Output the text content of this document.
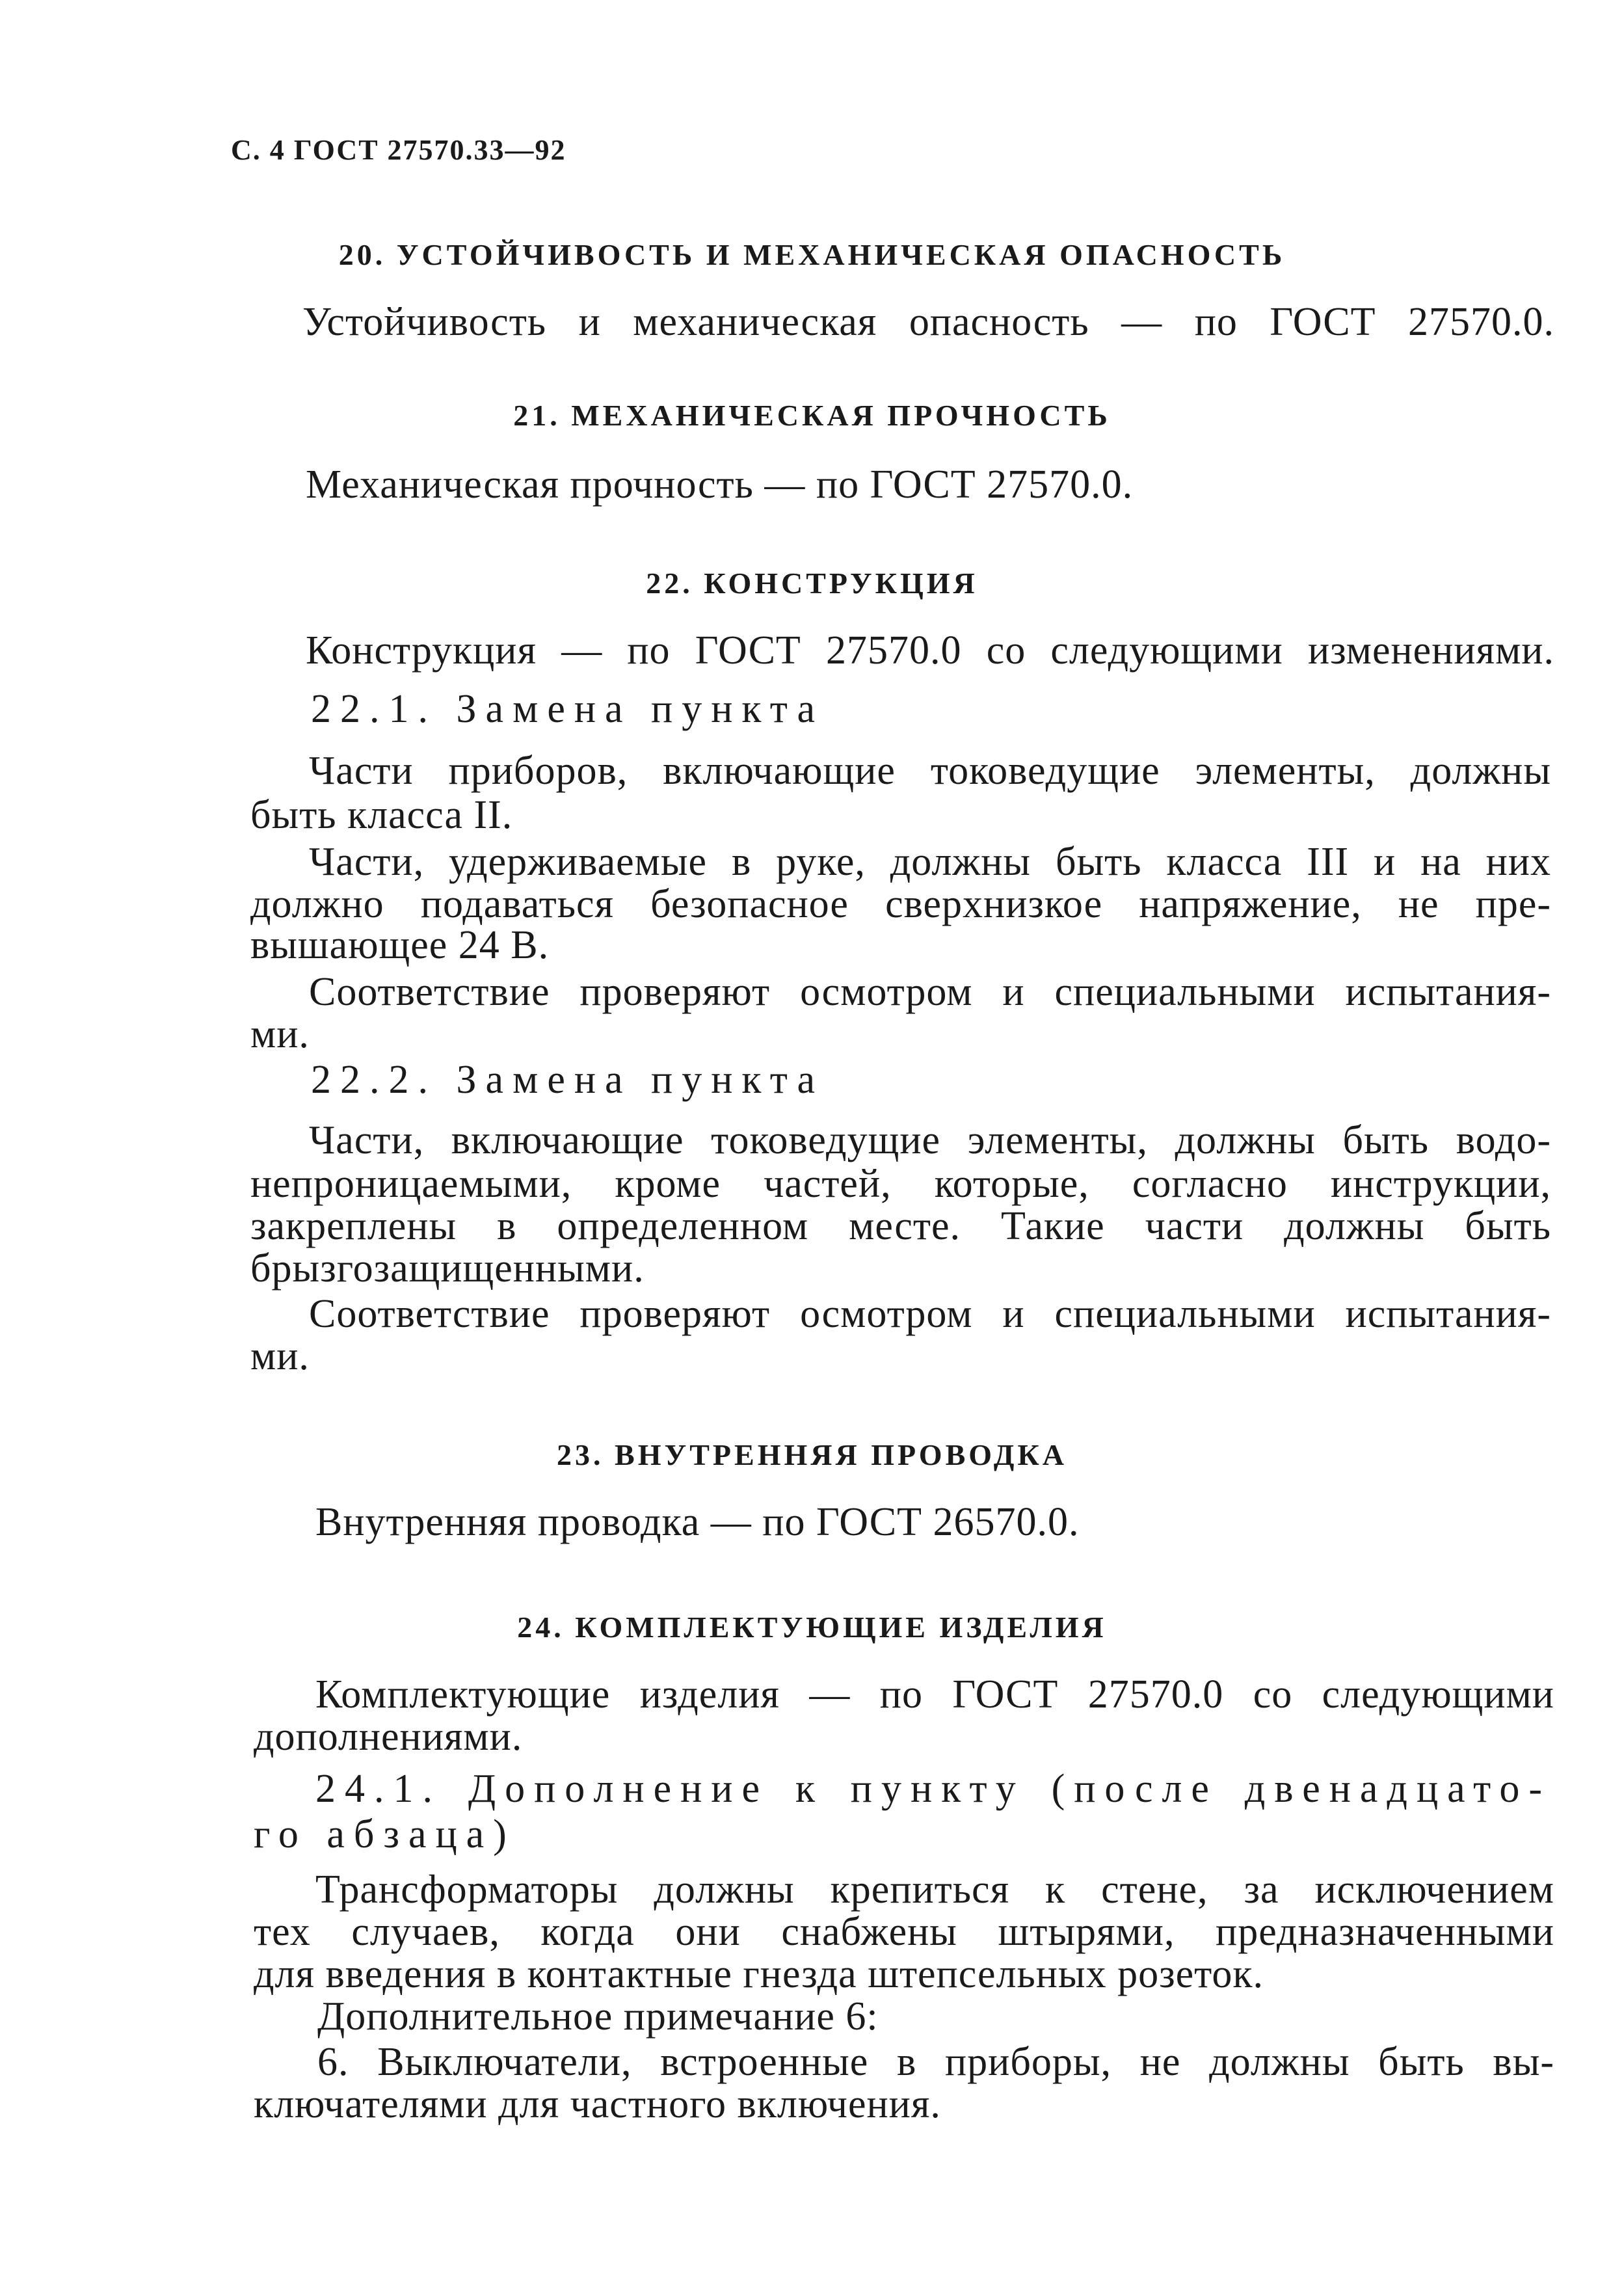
С. 4 ГОСТ 27570.33—92
20. УСТОЙЧИВОСТЬ И МЕХАНИЧЕСКАЯ ОПАСНОСТЬ
Устойчивость и механическая опасность — по ГОСТ 27570.0.
21. МЕХАНИЧЕСКАЯ ПРОЧНОСТЬ
Механическая прочность — по ГОСТ 27570.0.
22. КОНСТРУКЦИЯ
Конструкция — по ГОСТ 27570.0 со следующими изменениями.
22.1. Замена пункта
Части приборов, включающие токоведущие элементы, должны
быть класса II.
Части, удерживаемые в руке, должны быть класса III и на них
должно подаваться безопасное сверхнизкое напряжение, не пре-
вышающее 24 В.
Соответствие проверяют осмотром и специальными испытания-
ми.
22.2. Замена пункта
Части, включающие токоведущие элементы, должны быть водо-
непроницаемыми, кроме частей, которые, согласно инструкции,
закреплены в определенном месте. Такие части должны быть
брызгозащищенными.
Соответствие проверяют осмотром и специальными испытания-
ми.
23. ВНУТРЕННЯЯ ПРОВОДКА
Внутренняя проводка — по ГОСТ 26570.0.
24. КОМПЛЕКТУЮЩИЕ ИЗДЕЛИЯ
Комплектующие изделия — по ГОСТ 27570.0 со следующими
дополнениями.
24.1. Дополнение к пункту (после двенадцато-
го абзаца)
Трансформаторы должны крепиться к стене, за исключением
тех случаев, когда они снабжены штырями, предназначенными
для введения в контактные гнезда штепсельных розеток.
Дополнительное примечание 6:
6. Выключатели, встроенные в приборы, не должны быть вы-
ключателями для частного включения.
